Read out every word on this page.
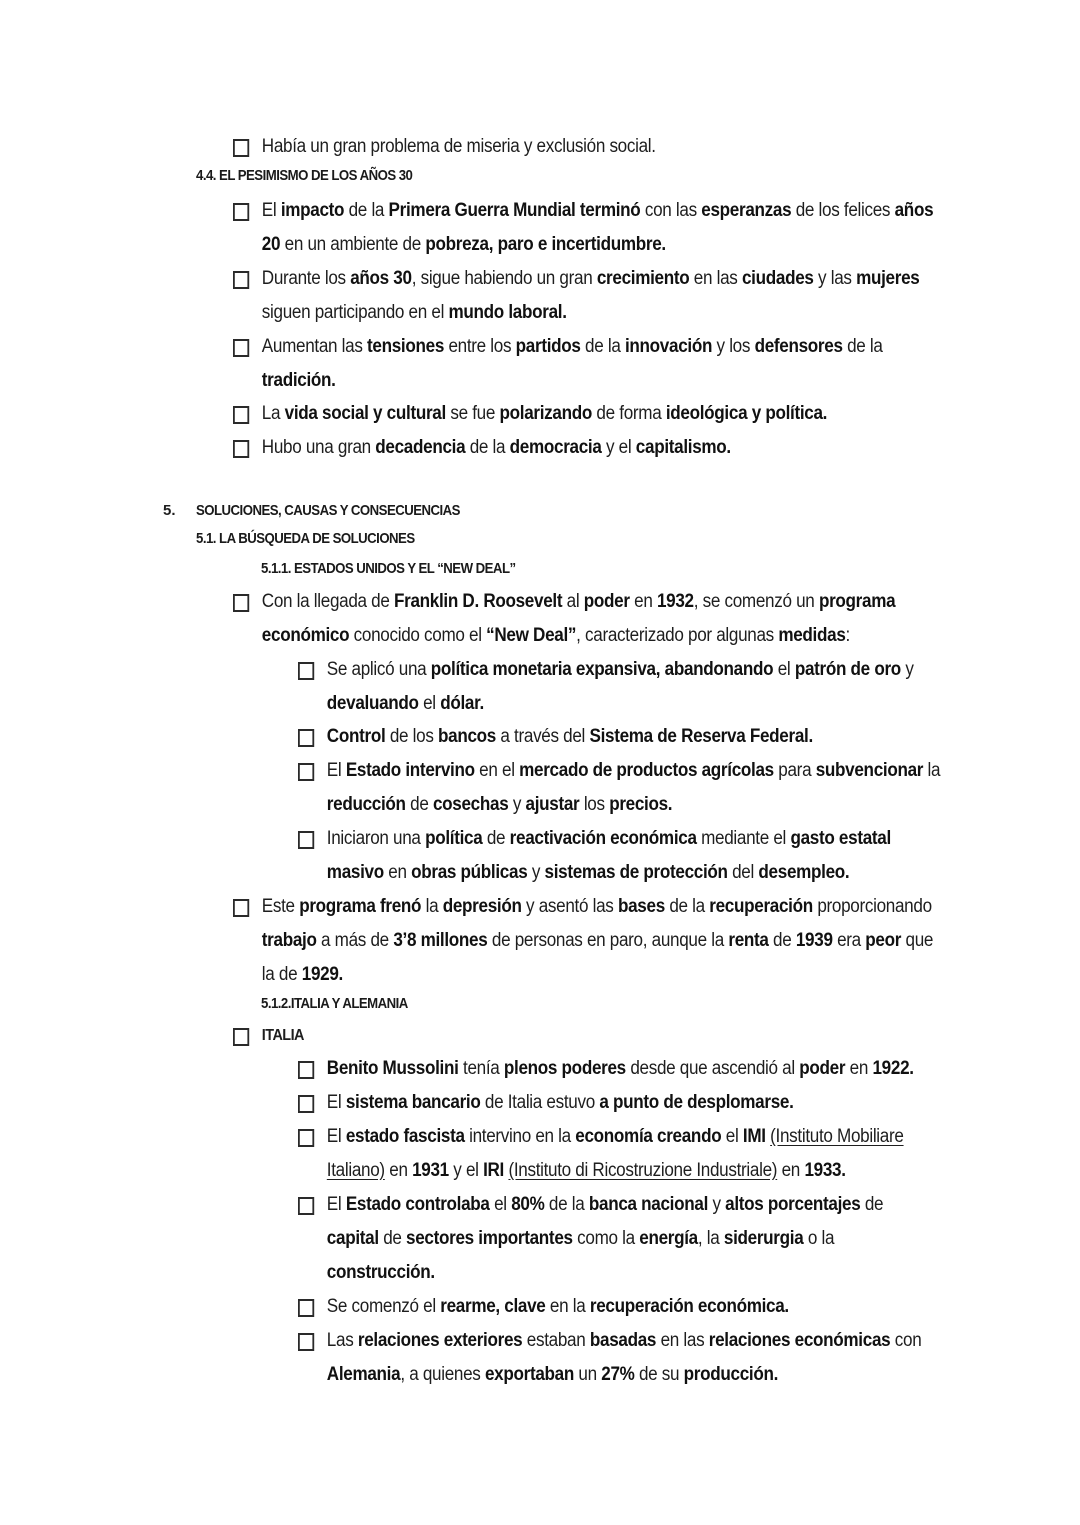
Había un gran problema de miseria y exclusión social.
4.4. EL PESIMISMO DE LOS AÑOS 30
El impacto de la Primera Guerra Mundial terminó con las esperanzas de los felices años 20 en un ambiente de pobreza, paro e incertidumbre.
Durante los años 30, sigue habiendo un gran crecimiento en las ciudades y las mujeres siguen participando en el mundo laboral.
Aumentan las tensiones entre los partidos de la innovación y los defensores de la tradición.
La vida social y cultural se fue polarizando de forma ideológica y política.
Hubo una gran decadencia de la democracia y el capitalismo.
5. SOLUCIONES, CAUSAS Y CONSECUENCIAS
5.1. LA BÚSQUEDA DE SOLUCIONES
5.1.1. ESTADOS UNIDOS Y EL “NEW DEAL”
Con la llegada de Franklin D. Roosevelt al poder en 1932, se comenzó un programa económico conocido como el “New Deal”, caracterizado por algunas medidas:
Se aplicó una política monetaria expansiva, abandonando el patrón de oro y devaluando el dólar.
Control de los bancos a través del Sistema de Reserva Federal.
El Estado intervino en el mercado de productos agrícolas para subvencionar la reducción de cosechas y ajustar los precios.
Iniciaron una política de reactivación económica mediante el gasto estatal masivo en obras públicas y sistemas de protección del desempleo.
Este programa frenó la depresión y asentó las bases de la recuperación proporcionando trabajo a más de 3’8 millones de personas en paro, aunque la renta de 1939 era peor que la de 1929.
5.1.2.ITALIA Y ALEMANIA
ITALIA
Benito Mussolini tenía plenos poderes desde que ascendió al poder en 1922.
El sistema bancario de Italia estuvo a punto de desplomarse.
El estado fascista intervino en la economía creando el IMI (Instituto Mobiliare Italiano) en 1931 y el IRI (Instituto di Ricostruzione Industriale) en 1933.
El Estado controlaba el 80% de la banca nacional y altos porcentajes de capital de sectores importantes como la energía, la siderurgia o la construcción.
Se comenzó el rearme, clave en la recuperación económica.
Las relaciones exteriores estaban basadas en las relaciones económicas con Alemania, a quienes exportaban un 27% de su producción.
